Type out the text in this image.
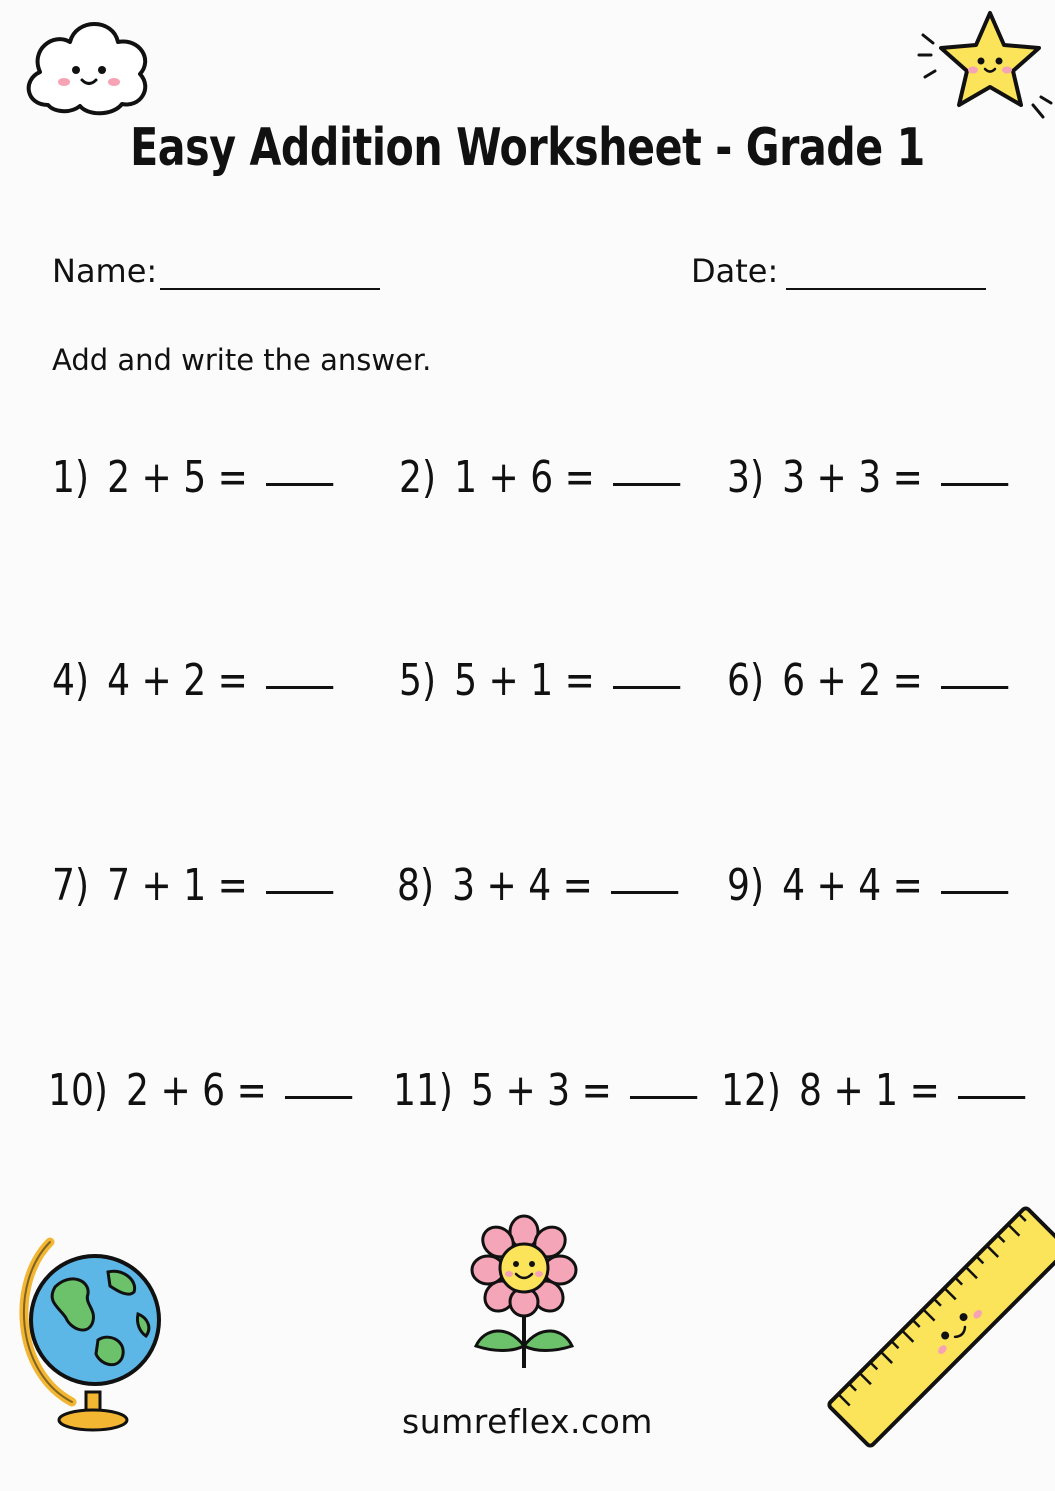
Easy Addition Worksheet - Grade 1
Name:	Date:
Add and write the answer.
1) 2 + 5 =	2) 1 + 6 =	3) 3 + 3 =
4) 4 + 2 =	5) 5 + 1 =	6) 6 + 2 =
7) 7 + 1 =	8) 3 + 4 =	9) 4 + 4 =
10) 2 + 6 =	11) 5 + 3 = 12) 8 + 1 =
sumreflex.com
